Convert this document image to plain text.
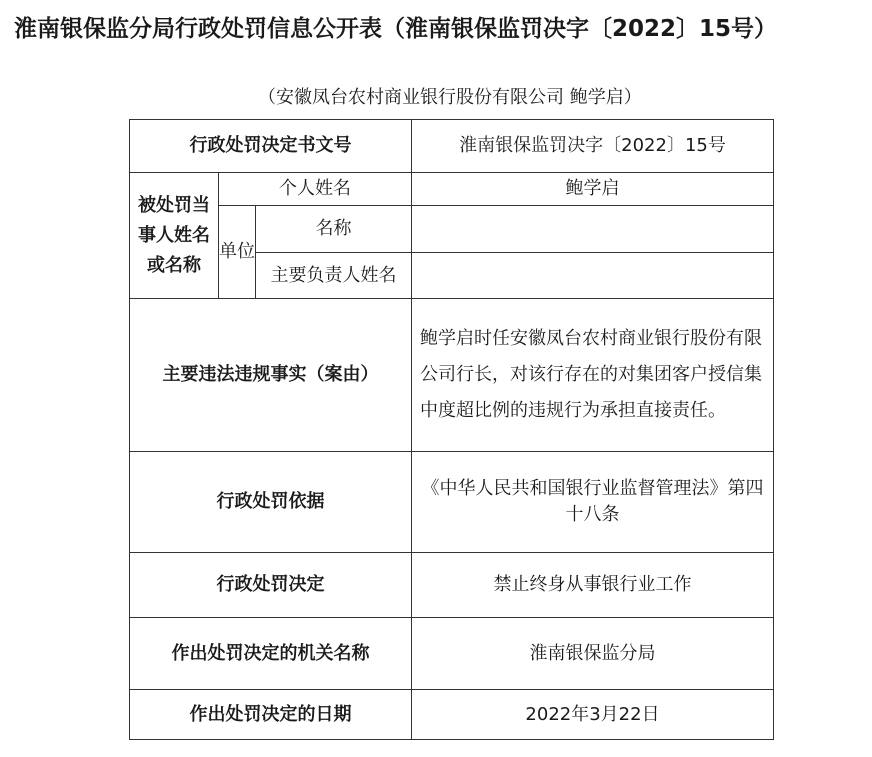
淮南银保监分局行政处罚信息公开表（淮南银保监罚决字〔2022〕15号）
（安徽凤台农村商业银行股份有限公司 鲍学启）
行政处罚决定书文号			淮南银保监罚决字〔2022〕15号
被处罚当事人姓名或名称	个人姓名		鲍学启
	单位	名称	
		主要负责人姓名	
主要违法违规事实（案由）			鲍学启时任安徽凤台农村商业银行股份有限公司行长，对该行存在的对集团客户授信集中度超比例的违规行为承担直接责任。
行政处罚依据			《中华人民共和国银行业监督管理法》第四十八条
行政处罚决定			禁止终身从事银行业工作
作出处罚决定的机关名称			淮南银保监分局
作出处罚决定的日期			2022年3月22日
